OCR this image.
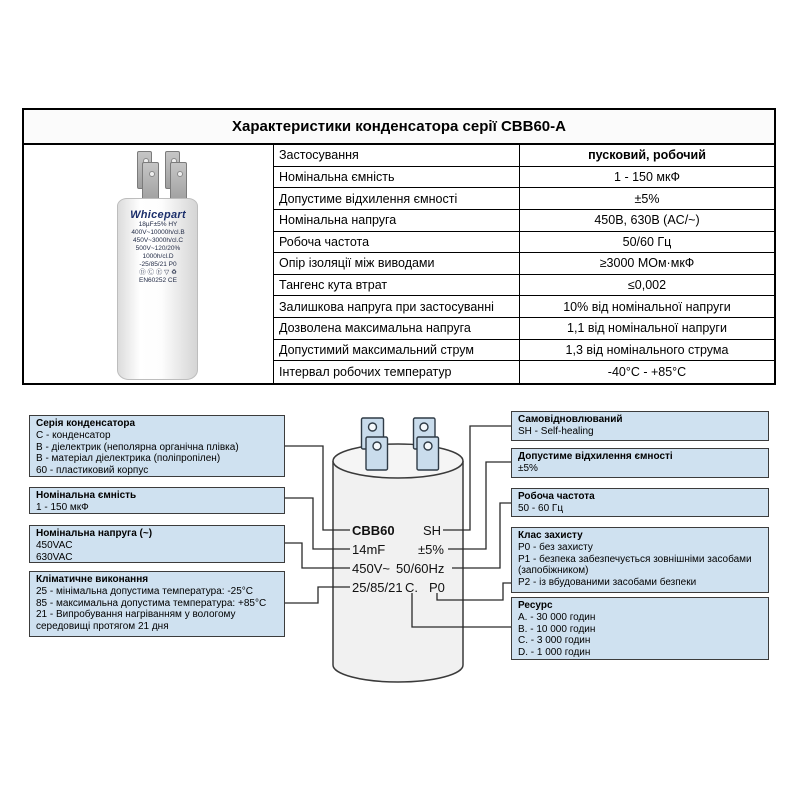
Характеристики конденсатора серії CBB60-A
Whicepart
18µF±5% HY
400V~10000h/cl.B
450V~3000h/cl.C
500V~120/20%
1000h/cl.D
-25/85/21 P0
Ⓓ Ⓒ Ⓔ ▽ ♻
EN60252 CE
Застосування	пусковий, робочий
Номінальна ємність	1 - 150 мкФ
Допустиме відхилення ємності	±5%
Номінальна напруга	450В, 630В (AC/~)
Робоча частота	50/60 Гц
Опір ізоляції між виводами	≥3000 МОм·мкФ
Тангенс кута втрат	≤0,002
Залишкова напруга при застосуванні	10% від номінальної напруги
Дозволена максимальна напруга	1,1 від номінальної напруги
Допустимий максимальний струм	1,3 від номінального струма
Інтервал робочих температур	-40°С - +85°С
CBB60 SH
14mF	±5%
450V~ 50/60Hz
25/85/21 C. P0
Серія конденсатора
C - конденсатор
B - діелектрик (неполярна органічна плівка)
B - матеріал діелектрика (поліпропілен)
60 - пластиковий корпус
Номінальна ємність
1 - 150 мкФ
Номінальна напруга (~)
450VAC
630VAC
Кліматичне виконання
25 - мінімальна допустима температура: -25°C
85 - максимальна допустима температура: +85°C
21 - Випробування нагріванням у вологому середовищі протягом 21 дня
Самовідновлюваний
SH - Self-healing
Допустиме відхилення ємності
±5%
Робоча частота
50 - 60 Гц
Клас захисту
P0 - без захисту
P1 - безпека забезпечується зовнішніми засобами (запобіжником)
P2 - із вбудованими засобами безпеки
Ресурс
A. - 30 000 годин
B. - 10 000 годин
C. - 3 000 годин
D. - 1 000 годин
